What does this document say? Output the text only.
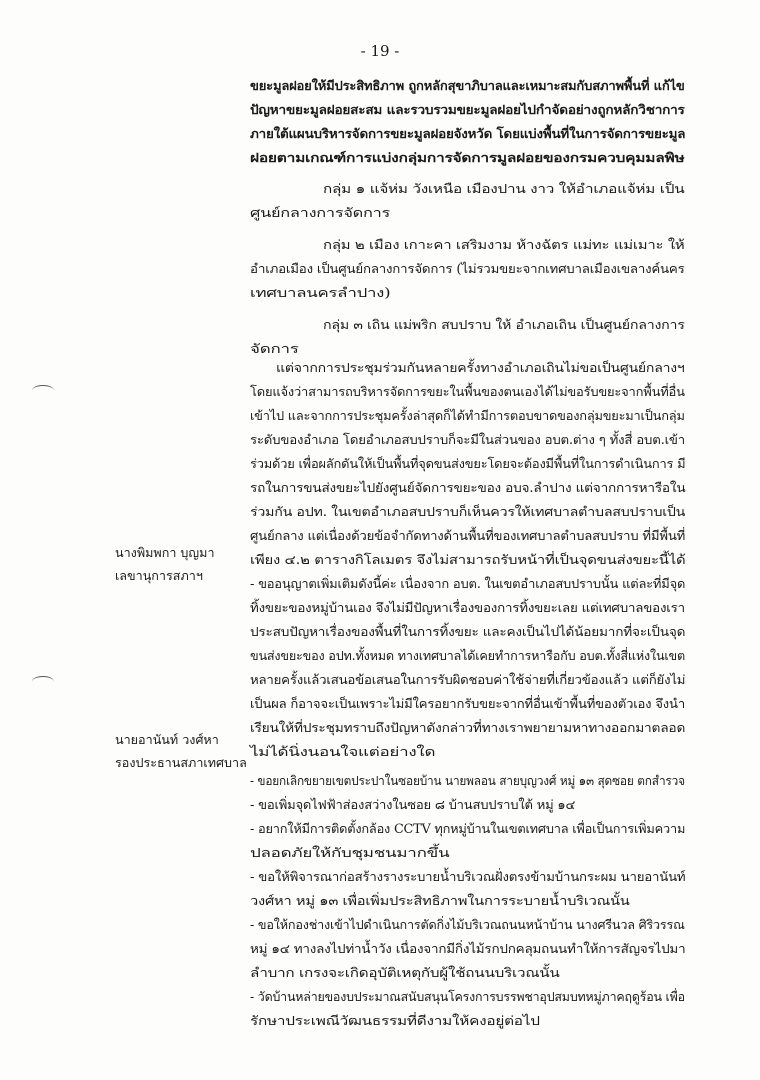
- 19 -
ขยะมูลฝอยให้มีประสิทธิภาพ ถูกหลักสุขาภิบาลและเหมาะสมกับสภาพพื้นที่ แก้ไข
ปัญหาขยะมูลฝอยสะสม และรวบรวมขยะมูลฝอยไปกำจัดอย่างถูกหลักวิชาการ
ภายใต้แผนบริหารจัดการขยะมูลฝอยจังหวัด โดยแบ่งพื้นที่ในการจัดการขยะมูล
ฝอยตามเกณฑ์การแบ่งกลุ่มการจัดการมูลฝอยของกรมควบคุมมลพิษ
กลุ่ม ๑ แจ้ห่ม วังเหนือ เมืองปาน งาว ให้อำเภอแจ้ห่ม เป็น
ศูนย์กลางการจัดการ
กลุ่ม ๒ เมือง เกาะคา เสริมงาม ห้างฉัตร แม่ทะ แม่เมาะ ให้
อำเภอเมือง เป็นศูนย์กลางการจัดการ (ไม่รวมขยะจากเทศบาลเมืองเขลางค์นคร
เทศบาลนครลำปาง)
กลุ่ม ๓ เถิน แม่พริก สบปราบ ให้ อำเภอเถิน เป็นศูนย์กลางการ
จัดการ
แต่จากการประชุมร่วมกันหลายครั้งทางอำเภอเถินไม่ขอเป็นศูนย์กลางฯ
โดยแจ้งว่าสามารถบริหารจัดการขยะในพื้นของตนเองได้ไม่ขอรับขยะจากพื้นที่อื่น
เข้าไป และจากการประชุมครั้งล่าสุดก็ได้ทำมีการตอบขาดของกลุ่มขยะมาเป็นกลุ่ม
ระดับของอำเภอ โดยอำเภอสบปราบก็จะมีในส่วนของ อบต.ต่าง ๆ ทั้งสี่ อบต.เข้า
ร่วมด้วย เพื่อผลักดันให้เป็นพื้นที่จุดขนส่งขยะโดยจะต้องมีพื้นที่ในการดำเนินการ มี
รถในการขนส่งขยะไปยังศูนย์จัดการขยะของ อบจ.ลำปาง แต่จากการหารือใน
ร่วมกัน อปท. ในเขตอำเภอสบปราบก็เห็นควรให้เทศบาลตำบลสบปราบเป็น
ศูนย์กลาง แต่เนื่องด้วยข้อจำกัดทางด้านพื้นที่ของเทศบาลตำบลสบปราบ ที่มีพื้นที่
เพียง ๔.๒ ตารางกิโลเมตร จึงไม่สามารถรับหน้าที่เป็นจุดขนส่งขยะนี้ได้
- ขออนุญาตเพิ่มเติมดังนี้ค่ะ เนื่องจาก อบต. ในเขตอำเภอสบปราบนั้น แต่ละที่มีจุด
ทิ้งขยะของหมู่บ้านเอง จึงไม่มีปัญหาเรื่องของการทิ้งขยะเลย แต่เทศบาลของเรา
ประสบปัญหาเรื่องของพื้นที่ในการทิ้งขยะ และคงเป็นไปได้น้อยมากที่จะเป็นจุด
ขนส่งขยะของ อปท.ทั้งหมด ทางเทศบาลได้เคยทำการหารือกับ อบต.ทั้งสี่แห่งในเขต
หลายครั้งแล้วเสนอข้อเสนอในการรับผิดชอบค่าใช้จ่ายที่เกี่ยวข้องแล้ว แต่ก็ยังไม่
เป็นผล ก็อาจจะเป็นเพราะไม่มีใครอยากรับขยะจากที่อื่นเข้าพื้นที่ของตัวเอง จึงนำ
เรียนให้ที่ประชุมทราบถึงปัญหาดังกล่าวที่ทางเราพยายามหาทางออกมาตลอด
ไม่ได้นิ่งนอนใจแต่อย่างใด
- ขอยกเลิกขยายเขตประปาในซอยบ้าน นายพลอน สายบุญวงศ์ หมู่ ๑๓ สุดซอย ตกสำรวจ
- ขอเพิ่มจุดไฟฟ้าส่องสว่างในซอย ๘ บ้านสบปราบใต้ หมู่ ๑๔
- อยากให้มีการติดตั้งกล้อง CCTV ทุกหมู่บ้านในเขตเทศบาล เพื่อเป็นการเพิ่มความ
ปลอดภัยให้กับชุมชนมากขึ้น
- ขอให้พิจารณาก่อสร้างรางระบายน้ำบริเวณฝั่งตรงข้ามบ้านกระผม นายอานันท์
วงศ์หา หมู่ ๑๓ เพื่อเพิ่มประสิทธิภาพในการระบายน้ำบริเวณนั้น
- ขอให้กองช่างเข้าไปดำเนินการตัดกิ่งไม้บริเวณถนนหน้าบ้าน นางศรีนวล ศิริวรรณ
หมู่ ๑๔ ทางลงไปท่าน้ำวัง เนื่องจากมีกิ่งไม้รกปกคลุมถนนทำให้การสัญจรไปมา
ลำบาก เกรงจะเกิดอุบัติเหตุกับผู้ใช้ถนนบริเวณนั้น
- วัดบ้านหล่ายของบประมาณสนับสนุนโครงการบรรพชาอุปสมบทหมู่ภาคฤดูร้อน เพื่อ
รักษาประเพณีวัฒนธรรมที่ดีงามให้คงอยู่ต่อไป
นางพิมพกา บุญมา
เลขานุการสภาฯ
นายอานันท์ วงศ์หา
รองประธานสภาเทศบาล
